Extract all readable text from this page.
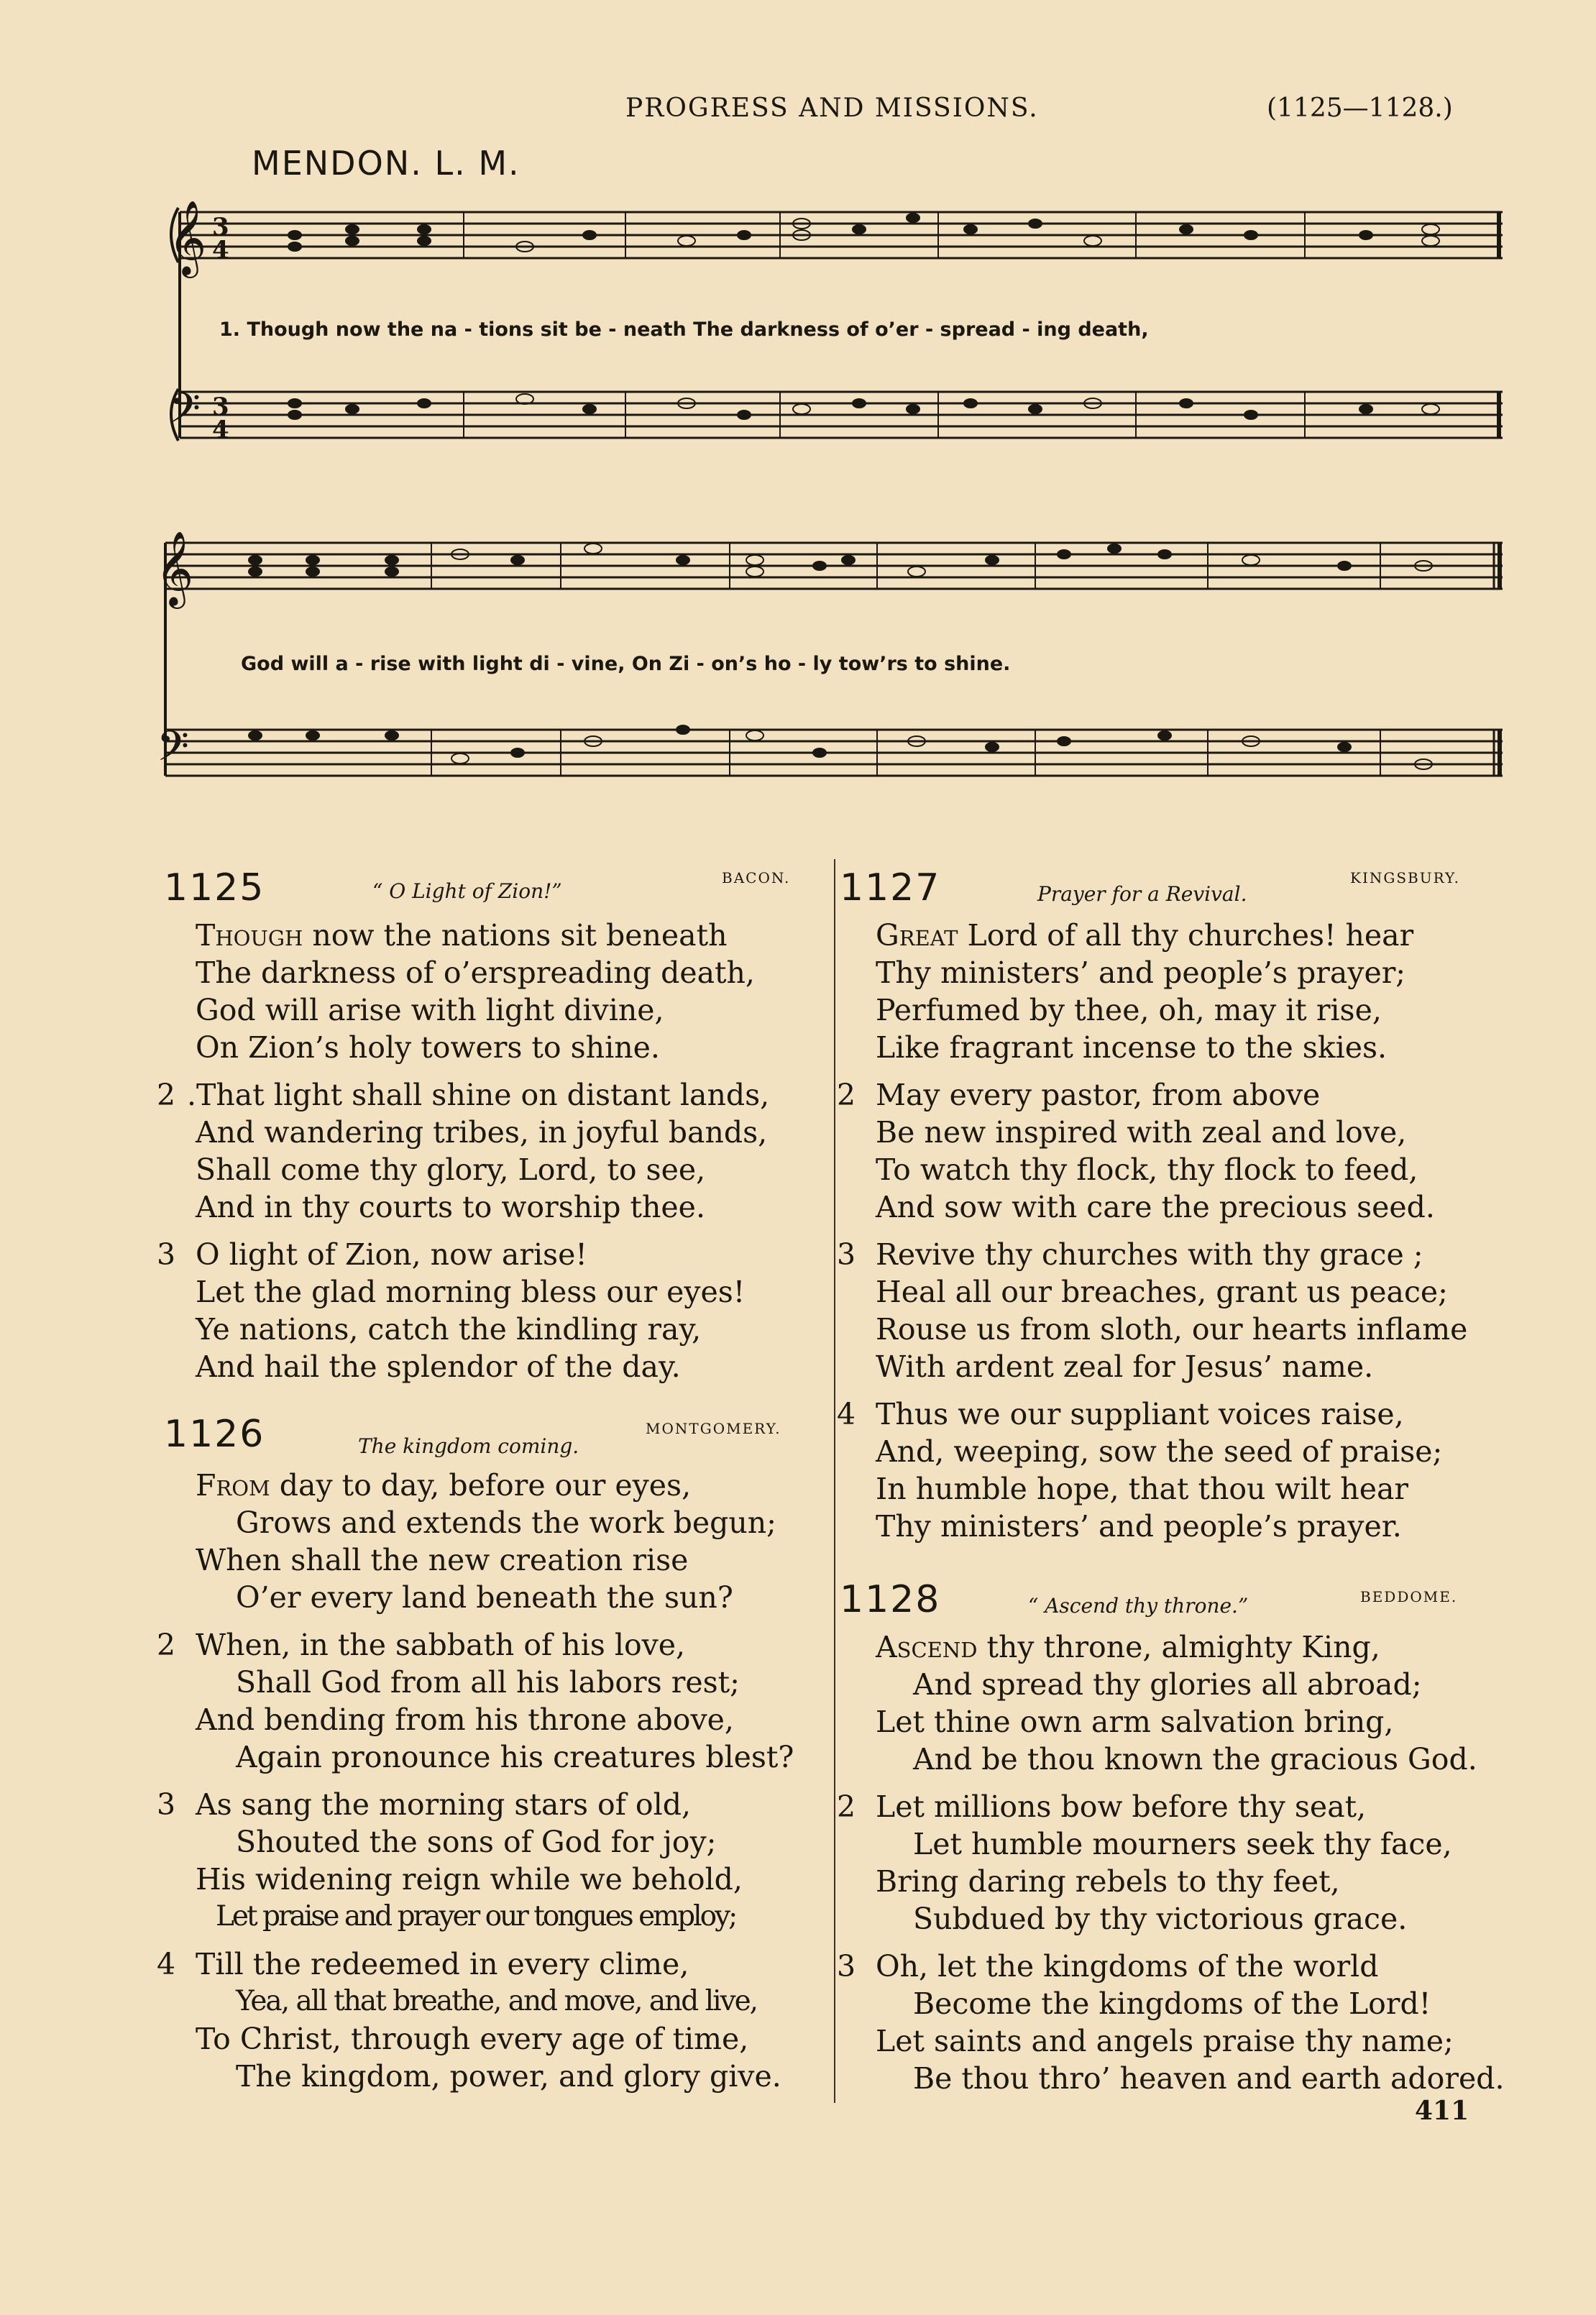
PROGRESS AND MISSIONS.	(1125—1128.)
MENDON. L. M.
𝄞
𝄢
3
4
3
4
1. Though now the na - tions sit be - neath The darkness of o’er - spread - ing death,
𝄞
𝄢
God will a - rise with light di - vine, On Zi - on’s ho - ly tow’rs to shine.
1125	“ O Light of Zion!”
BACON.
Though now the nations sit beneath
The darkness of o’erspreading death,
God will arise with light divine,
On Zion’s holy towers to shine.
2 .That light shall shine on distant lands,
And wandering tribes, in joyful bands,
Shall come thy glory, Lord, to see,
And in thy courts to worship thee.
3 O light of Zion, now arise!
Let the glad morning bless our eyes!
Ye nations, catch the kindling ray,
And hail the splendor of the day.
1126	The kingdom coming.
MONTGOMERY.
From day to day, before our eyes,
Grows and extends the work begun;
When shall the new creation rise
O’er every land beneath the sun?
2 When, in the sabbath of his love,
Shall God from all his labors rest;
And bending from his throne above,
Again pronounce his creatures blest?
3 As sang the morning stars of old,
Shouted the sons of God for joy;
His widening reign while we behold,
Let praise and prayer our tongues employ;
4 Till the redeemed in every clime,
Yea, all that breathe, and move, and live,
To Christ, through every age of time,
The kingdom, power, and glory give.
1127	Prayer for a Revival.
KINGSBURY.
Great Lord of all thy churches! hear
Thy ministers’ and people’s prayer;
Perfumed by thee, oh, may it rise,
Like fragrant incense to the skies.
2 May every pastor, from above
Be new inspired with zeal and love,
To watch thy flock, thy flock to feed,
And sow with care the precious seed.
3 Revive thy churches with thy grace ;
Heal all our breaches, grant us peace;
Rouse us from sloth, our hearts inflame
With ardent zeal for Jesus’ name.
4 Thus we our suppliant voices raise,
And, weeping, sow the seed of praise;
In humble hope, that thou wilt hear
Thy ministers’ and people’s prayer.
1128	“ Ascend thy throne.”	BEDDOME.
Ascend thy throne, almighty King,
And spread thy glories all abroad;
Let thine own arm salvation bring,
And be thou known the gracious God.
2 Let millions bow before thy seat,
Let humble mourners seek thy face,
Bring daring rebels to thy feet,
Subdued by thy victorious grace.
3 Oh, let the kingdoms of the world
Become the kingdoms of the Lord!
Let saints and angels praise thy name;
Be thou thro’ heaven and earth adored.
411
